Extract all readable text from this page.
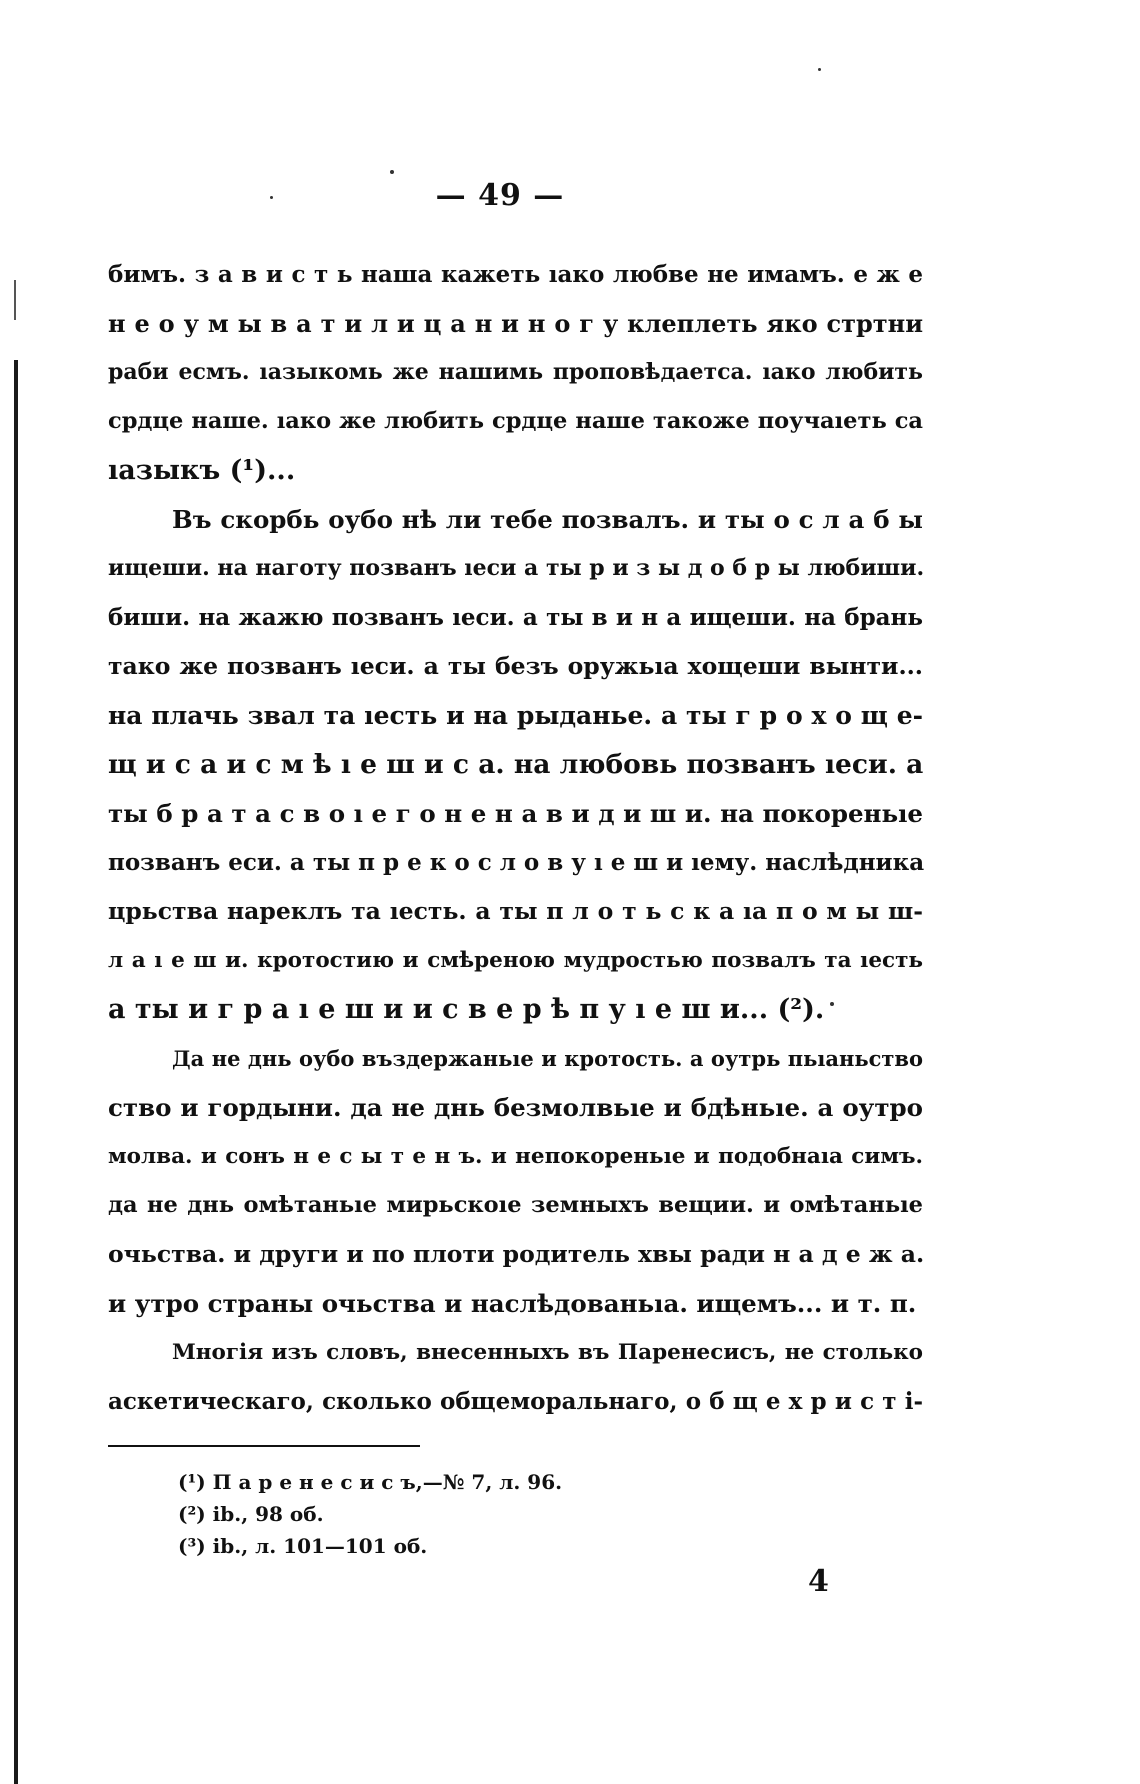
— 49 —
бимъ. з а в и с т ь наша кажеть ıако любве не имамъ. е ж е
н е о у м ы в а т и л и ц а н и н о г у клеплеть яко стртни
раби есмъ. ıазыкомь же нашимь проповѣдаетса. ıако любить
срдце наше. ıако же любить срдце наше такоже поучаıеть са
ıазыкъ (¹)...
Въ скорбь оубо нѣ ли тебе позвалъ. и ты о с л а б ы
ищеши. на наготу позванъ ıеси а ты р и з ы д о б р ы любиши.
биши. на жажю позванъ ıеси. а ты в и н а ищеши. на брань
тако же позванъ ıеси. а ты безъ оружьıа хощеши вынти...
на плачь звал та ıесть и на рыданье. а ты г р о х о щ е-
щ и с а и с м ѣ ı е ш и с а. на любовь позванъ ıеси. а
ты б р а т а с в о ı е г о н е н а в и д и ш и. на покореньıе
позванъ еси. а ты п р е к о с л о в у ı е ш и ıему. наслѣдника
црьства нареклъ та ıесть. а ты п л о т ь с к а ıа п о м ы ш-
л а ı е ш и. кротостию и смѣреною мудростью позвалъ та ıесть
а ты и г р а ı е ш и и с в е р ѣ п у ı е ш и... (²).
Да не днь оубо въздержаньıе и кротость. а оутрь пьıаньство
ство и гордыни. да не днь безмолвьıе и бдѣньıе. а оутро
молва. и сонъ н е с ы т е н ъ. и непокореньıе и подобнаıа симъ.
да не днь омѣтаньıе мирьскоıе земныхъ вещии. и омѣтаньıе
очьства. и други и по плоти родитель хвы ради н а д е ж а.
и утро страны очьства и наслѣдованьıа. ищемъ... и т. п.
Многія изъ словъ, внесенныхъ въ Паренесисъ, не столько
аскетическаго, сколько общеморальнаго, о б щ е х р и с т і-
(¹) П а р е н е с и с ъ,—№ 7, л. 96.
(²) ib., 98 об.
(³) ib., л. 101—101 об.
4
